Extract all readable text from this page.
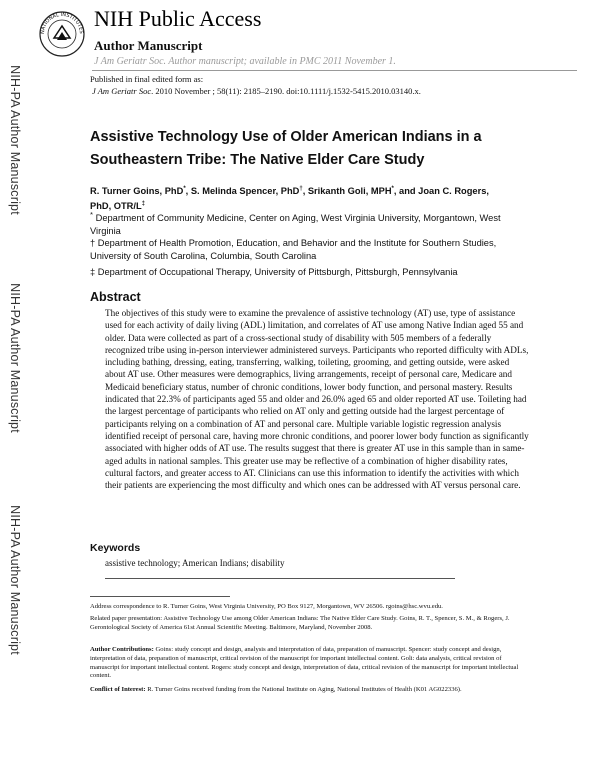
NATIONAL INSTITUTES
NIH Public Access
Author Manuscript
J Am Geriatr Soc. Author manuscript; available in PMC 2011 November 1.
Published in final edited form as:
J Am Geriatr Soc. 2010 November ; 58(11): 2185–2190. doi:10.1111/j.1532-5415.2010.03140.x.
NIH-PA Author Manuscript
NIH-PA Author Manuscript
NIH-PA Author Manuscript
Assistive Technology Use of Older American Indians in a Southeastern Tribe: The Native Elder Care Study
R. Turner Goins, PhD*, S. Melinda Spencer, PhD†, Srikanth Goli, MPH*, and Joan C. Rogers, PhD, OTR/L‡
* Department of Community Medicine, Center on Aging, West Virginia University, Morgantown, West Virginia
† Department of Health Promotion, Education, and Behavior and the Institute for Southern Studies, University of South Carolina, Columbia, South Carolina
‡ Department of Occupational Therapy, University of Pittsburgh, Pittsburgh, Pennsylvania
Abstract
The objectives of this study were to examine the prevalence of assistive technology (AT) use, type of assistance used for each activity of daily living (ADL) limitation, and correlates of AT use among Native Indian aged 55 and older. Data were collected as part of a cross-sectional study of disability with 505 members of a federally recognized tribe using in-person interviewer administered surveys. Participants who reported difficulty with ADLs, including bathing, dressing, eating, transferring, walking, toileting, grooming, and getting outside, were asked about AT use. Other measures were demographics, living arrangements, receipt of personal care, Medicare and Medicaid beneficiary status, number of chronic conditions, lower body function, and personal mastery. Results indicated that 22.3% of participants aged 55 and older and 26.0% aged 65 and older reported AT use. Toileting had the largest percentage of participants who relied on AT only and getting outside had the largest percentage of participants relying on a combination of AT and personal care. Multiple variable logistic regression analysis identified receipt of personal care, having more chronic conditions, and poorer lower body function as significantly associated with higher odds of AT use. The results suggest that there is greater AT use in this sample than in same-aged adults in national samples. This greater use may be reflective of a combination of higher disability rates, cultural factors, and greater access to AT. Clinicians can use this information to identify the activities with which their patients are experiencing the most difficulty and which ones can be addressed with AT versus personal care.
Keywords
assistive technology; American Indians; disability
Address correspondence to R. Turner Goins, West Virginia University, PO Box 9127, Morgantown, WV 26506. rgoins@hsc.wvu.edu.
Related paper presentation: Assistive Technology Use among Older American Indians: The Native Elder Care Study. Goins, R. T., Spencer, S. M., & Rogers, J. Gerontological Society of America 61st Annual Scientific Meeting. Baltimore, Maryland, November 2008.
Author Contributions: Goins: study concept and design, analysis and interpretation of data, preparation of manuscript. Spencer: study concept and design, interpretation of data, preparation of manuscript, critical revision of the manuscript for important intellectual content. Goli: data analysis, critical revision of manuscript for important intellectual content. Rogers: study concept and design, interpretation of data, critical revision of the manuscript for important intellectual content.
Conflict of Interest: R. Turner Goins received funding from the National Institute on Aging, National Institutes of Health (K01 AG022336).
